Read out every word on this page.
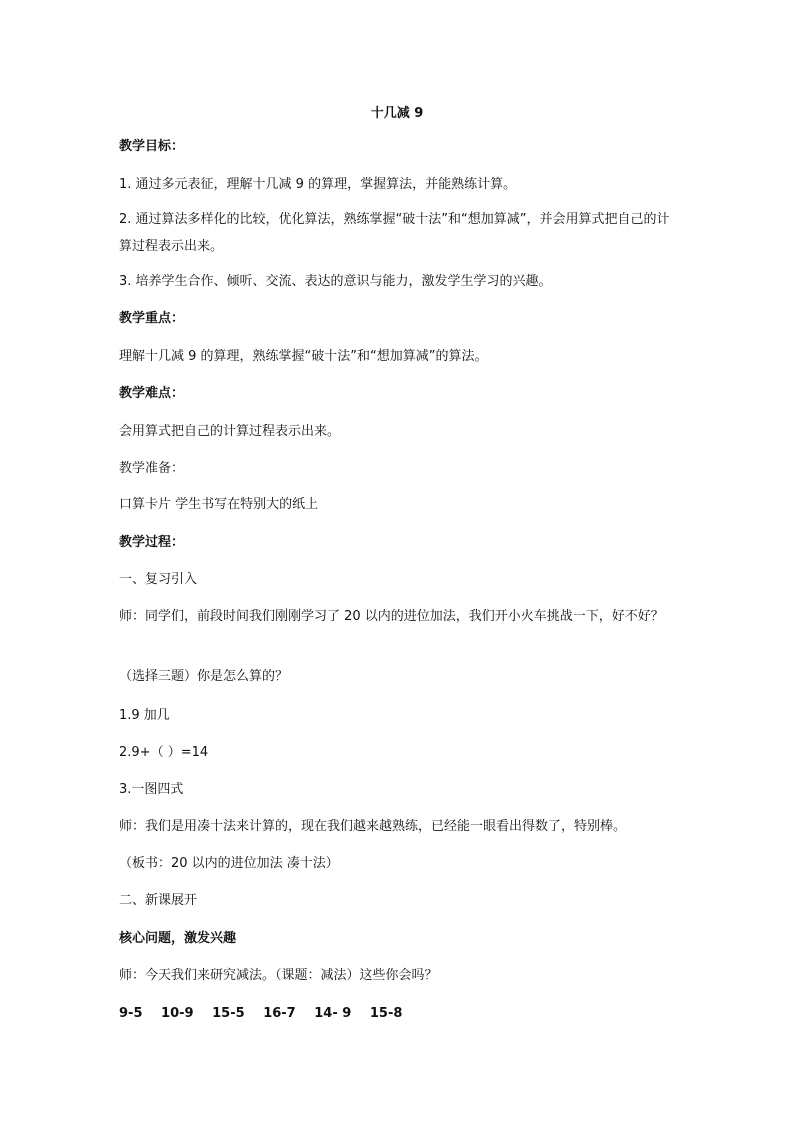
十几减 9
教学目标：
1. 通过多元表征，理解十几减 9 的算理，掌握算法，并能熟练计算。
2. 通过算法多样化的比较，优化算法，熟练掌握“破十法”和“想加算减”，并会用算式把自己的计算过程表示出来。
3. 培养学生合作、倾听、交流、表达的意识与能力，激发学生学习的兴趣。
教学重点：
理解十几减 9 的算理，熟练掌握“破十法”和“想加算减”的算法。
教学难点：
会用算式把自己的计算过程表示出来。
教学准备：
口算卡片 学生书写在特别大的纸上
教学过程：
一、复习引入
师：同学们，前段时间我们刚刚学习了 20 以内的进位加法，我们开小火车挑战一下，好不好？
（选择三题）你是怎么算的？
1.9 加几
2.9+（ ）=14
3.一图四式
师：我们是用凑十法来计算的，现在我们越来越熟练，已经能一眼看出得数了，特别棒。
（板书：20 以内的进位加法 凑十法）
二、新课展开
核心问题，激发兴趣
师：今天我们来研究减法。（课题：减法）这些你会吗？
9-5 10-9 15-5 16-7 14- 9 15-8
